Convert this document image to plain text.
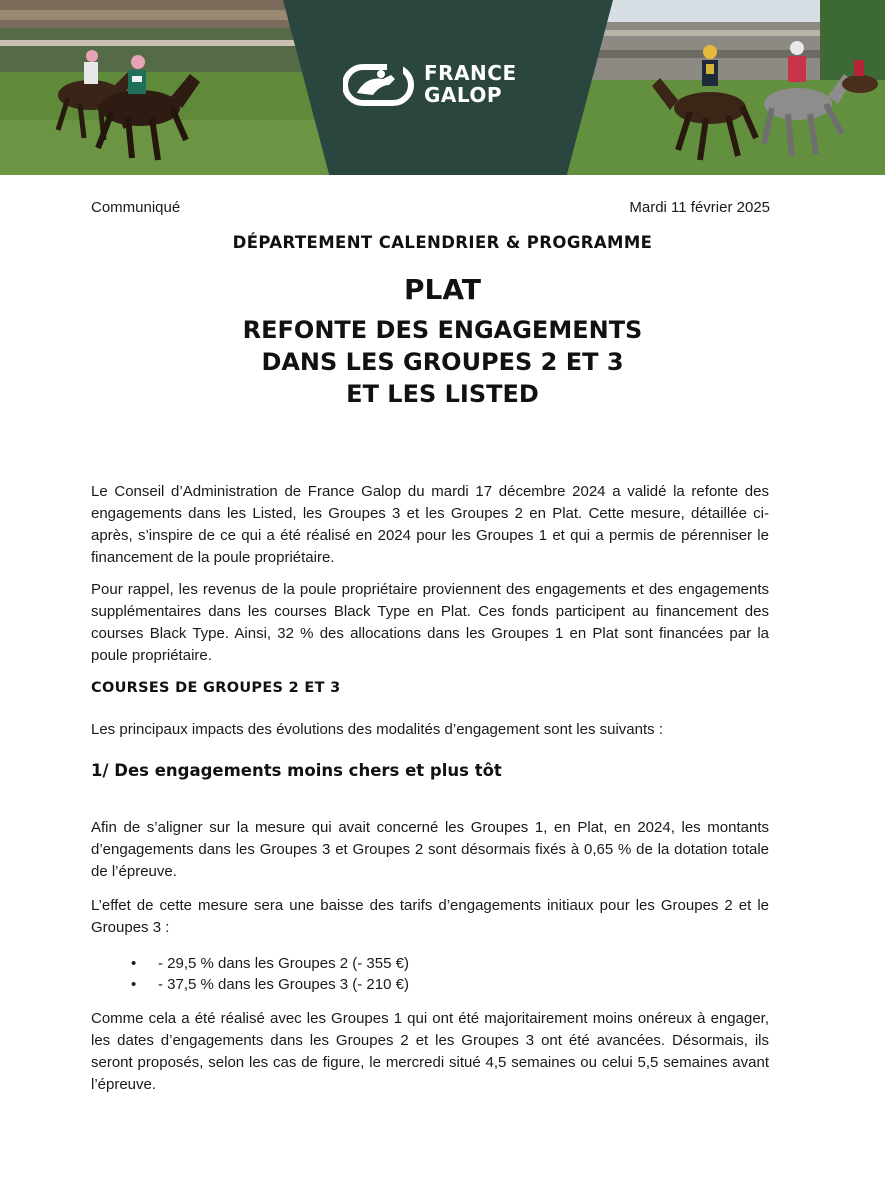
FRANCE
GALOP
Communiqué	Mardi 11 février 2025
DÉPARTEMENT CALENDRIER & PROGRAMME
PLAT
REFONTE DES ENGAGEMENTS
DANS LES GROUPES 2 ET 3
ET LES LISTED

Le Conseil d’Administration de France Galop du mardi 17 décembre 2024 a validé la refonte des engagements dans les Listed, les Groupes 3 et les Groupes 2 en Plat. Cette mesure, détaillée ci-après, s’inspire de ce qui a été réalisé en 2024 pour les Groupes 1 et qui a permis de pérenniser le financement de la poule propriétaire.

Pour rappel, les revenus de la poule propriétaire proviennent des engagements et des engagements supplémentaires dans les courses Black Type en Plat. Ces fonds participent au financement des courses Black Type. Ainsi, 32 % des allocations dans les Groupes 1 en Plat sont financées par la poule propriétaire.

COURSES DE GROUPES 2 ET 3

Les principaux impacts des évolutions des modalités d’engagement sont les suivants :

1/ Des engagements moins chers et plus tôt

Afin de s’aligner sur la mesure qui avait concerné les Groupes 1, en Plat, en 2024, les montants d’engagements dans les Groupes 3 et Groupes 2 sont désormais fixés à 0,65 % de la dotation totale de l’épreuve.

L’effet de cette mesure sera une baisse des tarifs d’engagements initiaux pour les Groupes 2 et le Groupes 3 :

• - 29,5 % dans les Groupes 2 (- 355 €)
• - 37,5 % dans les Groupes 3 (- 210 €)

Comme cela a été réalisé avec les Groupes 1 qui ont été majoritairement moins onéreux à engager, les dates d’engagements dans les Groupes 2 et les Groupes 3 ont été avancées. Désormais, ils seront proposés, selon les cas de figure, le mercredi situé 4,5 semaines ou celui 5,5 semaines avant l’épreuve.
